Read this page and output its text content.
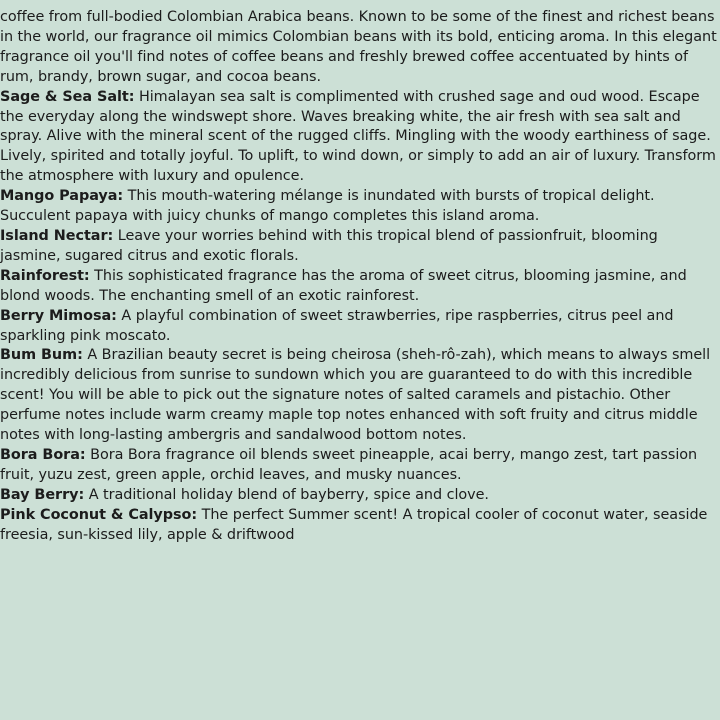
coffee from full-bodied Colombian Arabica beans. Known to be some of the finest and richest beans in the world, our fragrance oil mimics Colombian beans with its bold, enticing aroma. In this elegant fragrance oil you'll find notes of coffee beans and freshly brewed coffee accentuated by hints of rum, brandy, brown sugar, and cocoa beans.

Sage & Sea Salt: Himalayan sea salt is complimented with crushed sage and oud wood. Escape the everyday along the windswept shore. Waves breaking white, the air fresh with sea salt and spray. Alive with the mineral scent of the rugged cliffs. Mingling with the woody earthiness of sage. Lively, spirited and totally joyful. To uplift, to wind down, or simply to add an air of luxury. Transform the atmosphere with luxury and opulence.

Mango Papaya: This mouth-watering mélange is inundated with bursts of tropical delight. Succulent papaya with juicy chunks of mango completes this island aroma.

Island Nectar: Leave your worries behind with this tropical blend of passionfruit, blooming jasmine, sugared citrus and exotic florals.

Rainforest: This sophisticated fragrance has the aroma of sweet citrus, blooming jasmine, and blond woods. The enchanting smell of an exotic rainforest.

Berry Mimosa: A playful combination of sweet strawberries, ripe raspberries, citrus peel and sparkling pink moscato.

Bum Bum: A Brazilian beauty secret is being cheirosa (sheh-rô-zah), which means to always smell incredibly delicious from sunrise to sundown which you are guaranteed to do with this incredible scent! You will be able to pick out the signature notes of salted caramels and pistachio. Other perfume notes include warm creamy maple top notes enhanced with soft fruity and citrus middle notes with long-lasting ambergris and sandalwood bottom notes.

Bora Bora: Bora Bora fragrance oil blends sweet pineapple, acai berry, mango zest, tart passion fruit, yuzu zest, green apple, orchid leaves, and musky nuances.

Bay Berry: A traditional holiday blend of bayberry, spice and clove.

Pink Coconut & Calypso: The perfect Summer scent! A tropical cooler of coconut water, seaside freesia, sun-kissed lily, apple & driftwood
